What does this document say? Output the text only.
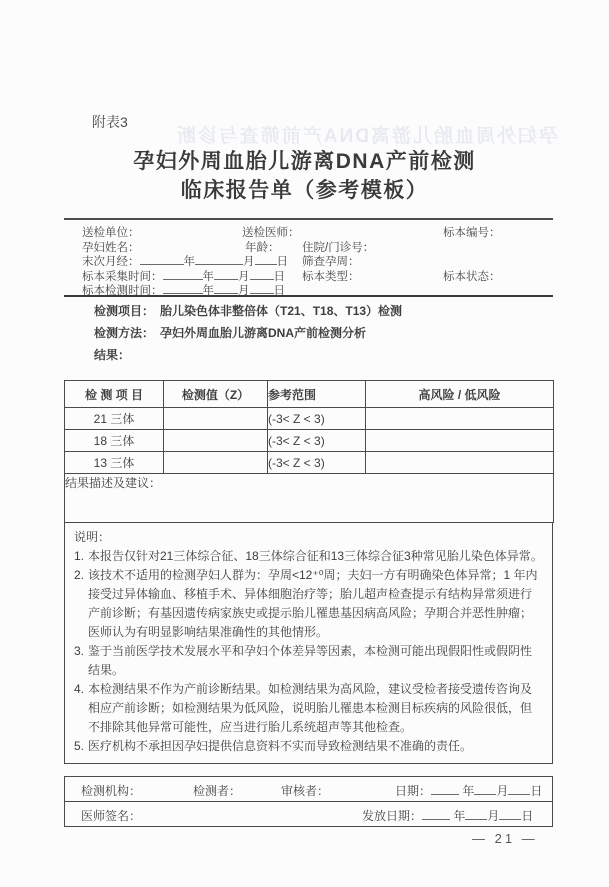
孕妇外周血胎儿游离DNA产前筛查与诊断
附表3
孕妇外周血胎儿游离DNA产前检测
临床报告单（参考模板）
送检单位：	送检医师：	标本编号：
孕妇姓名：	年龄： 住院/门诊号：
末次月经：	年	月 日 筛查孕周：
标本采集时间：	年 月 日 标本类型：	标本状态：
标本检测时间：	年 月 日
检测项目： 胎儿染色体非整倍体（T21、T18、T13）检测
检测方法： 孕妇外周血胎儿游离DNA产前检测分析
结果：
检 测 项 目	检测值（Z）	参考范围	高风险 / 低风险
21 三体		(-3< Z < 3)	
18 三体		(-3< Z < 3)	
13 三体		(-3< Z < 3)	
结果描述及建议：			
说明：
1. 本报告仅针对21三体综合征、18三体综合征和13三体综合征3种常见胎儿染色体异常。
2. 该技术不适用的检测孕妇人群为：孕周<12⁺⁰周；夫妇一方有明确染色体异常；1 年内接受过异体输血、移植手术、异体细胞治疗等；胎儿超声检查提示有结构异常须进行产前诊断；有基因遗传病家族史或提示胎儿罹患基因病高风险；孕期合并恶性肿瘤；医师认为有明显影响结果准确性的其他情形。
3. 鉴于当前医学技术发展水平和孕妇个体差异等因素，本检测可能出现假阳性或假阴性结果。
4. 本检测结果不作为产前诊断结果。如检测结果为高风险，建议受检者接受遗传咨询及相应产前诊断；如检测结果为低风险，说明胎儿罹患本检测目标疾病的风险很低，但不排除其他异常可能性，应当进行胎儿系统超声等其他检查。
5. 医疗机构不承担因孕妇提供信息资料不实而导致检测结果不准确的责任。
检测机构：	检测者：	审核者：	日期：	年 月 日
医师签名：	发放日期：	年 月 日
— 21 —
